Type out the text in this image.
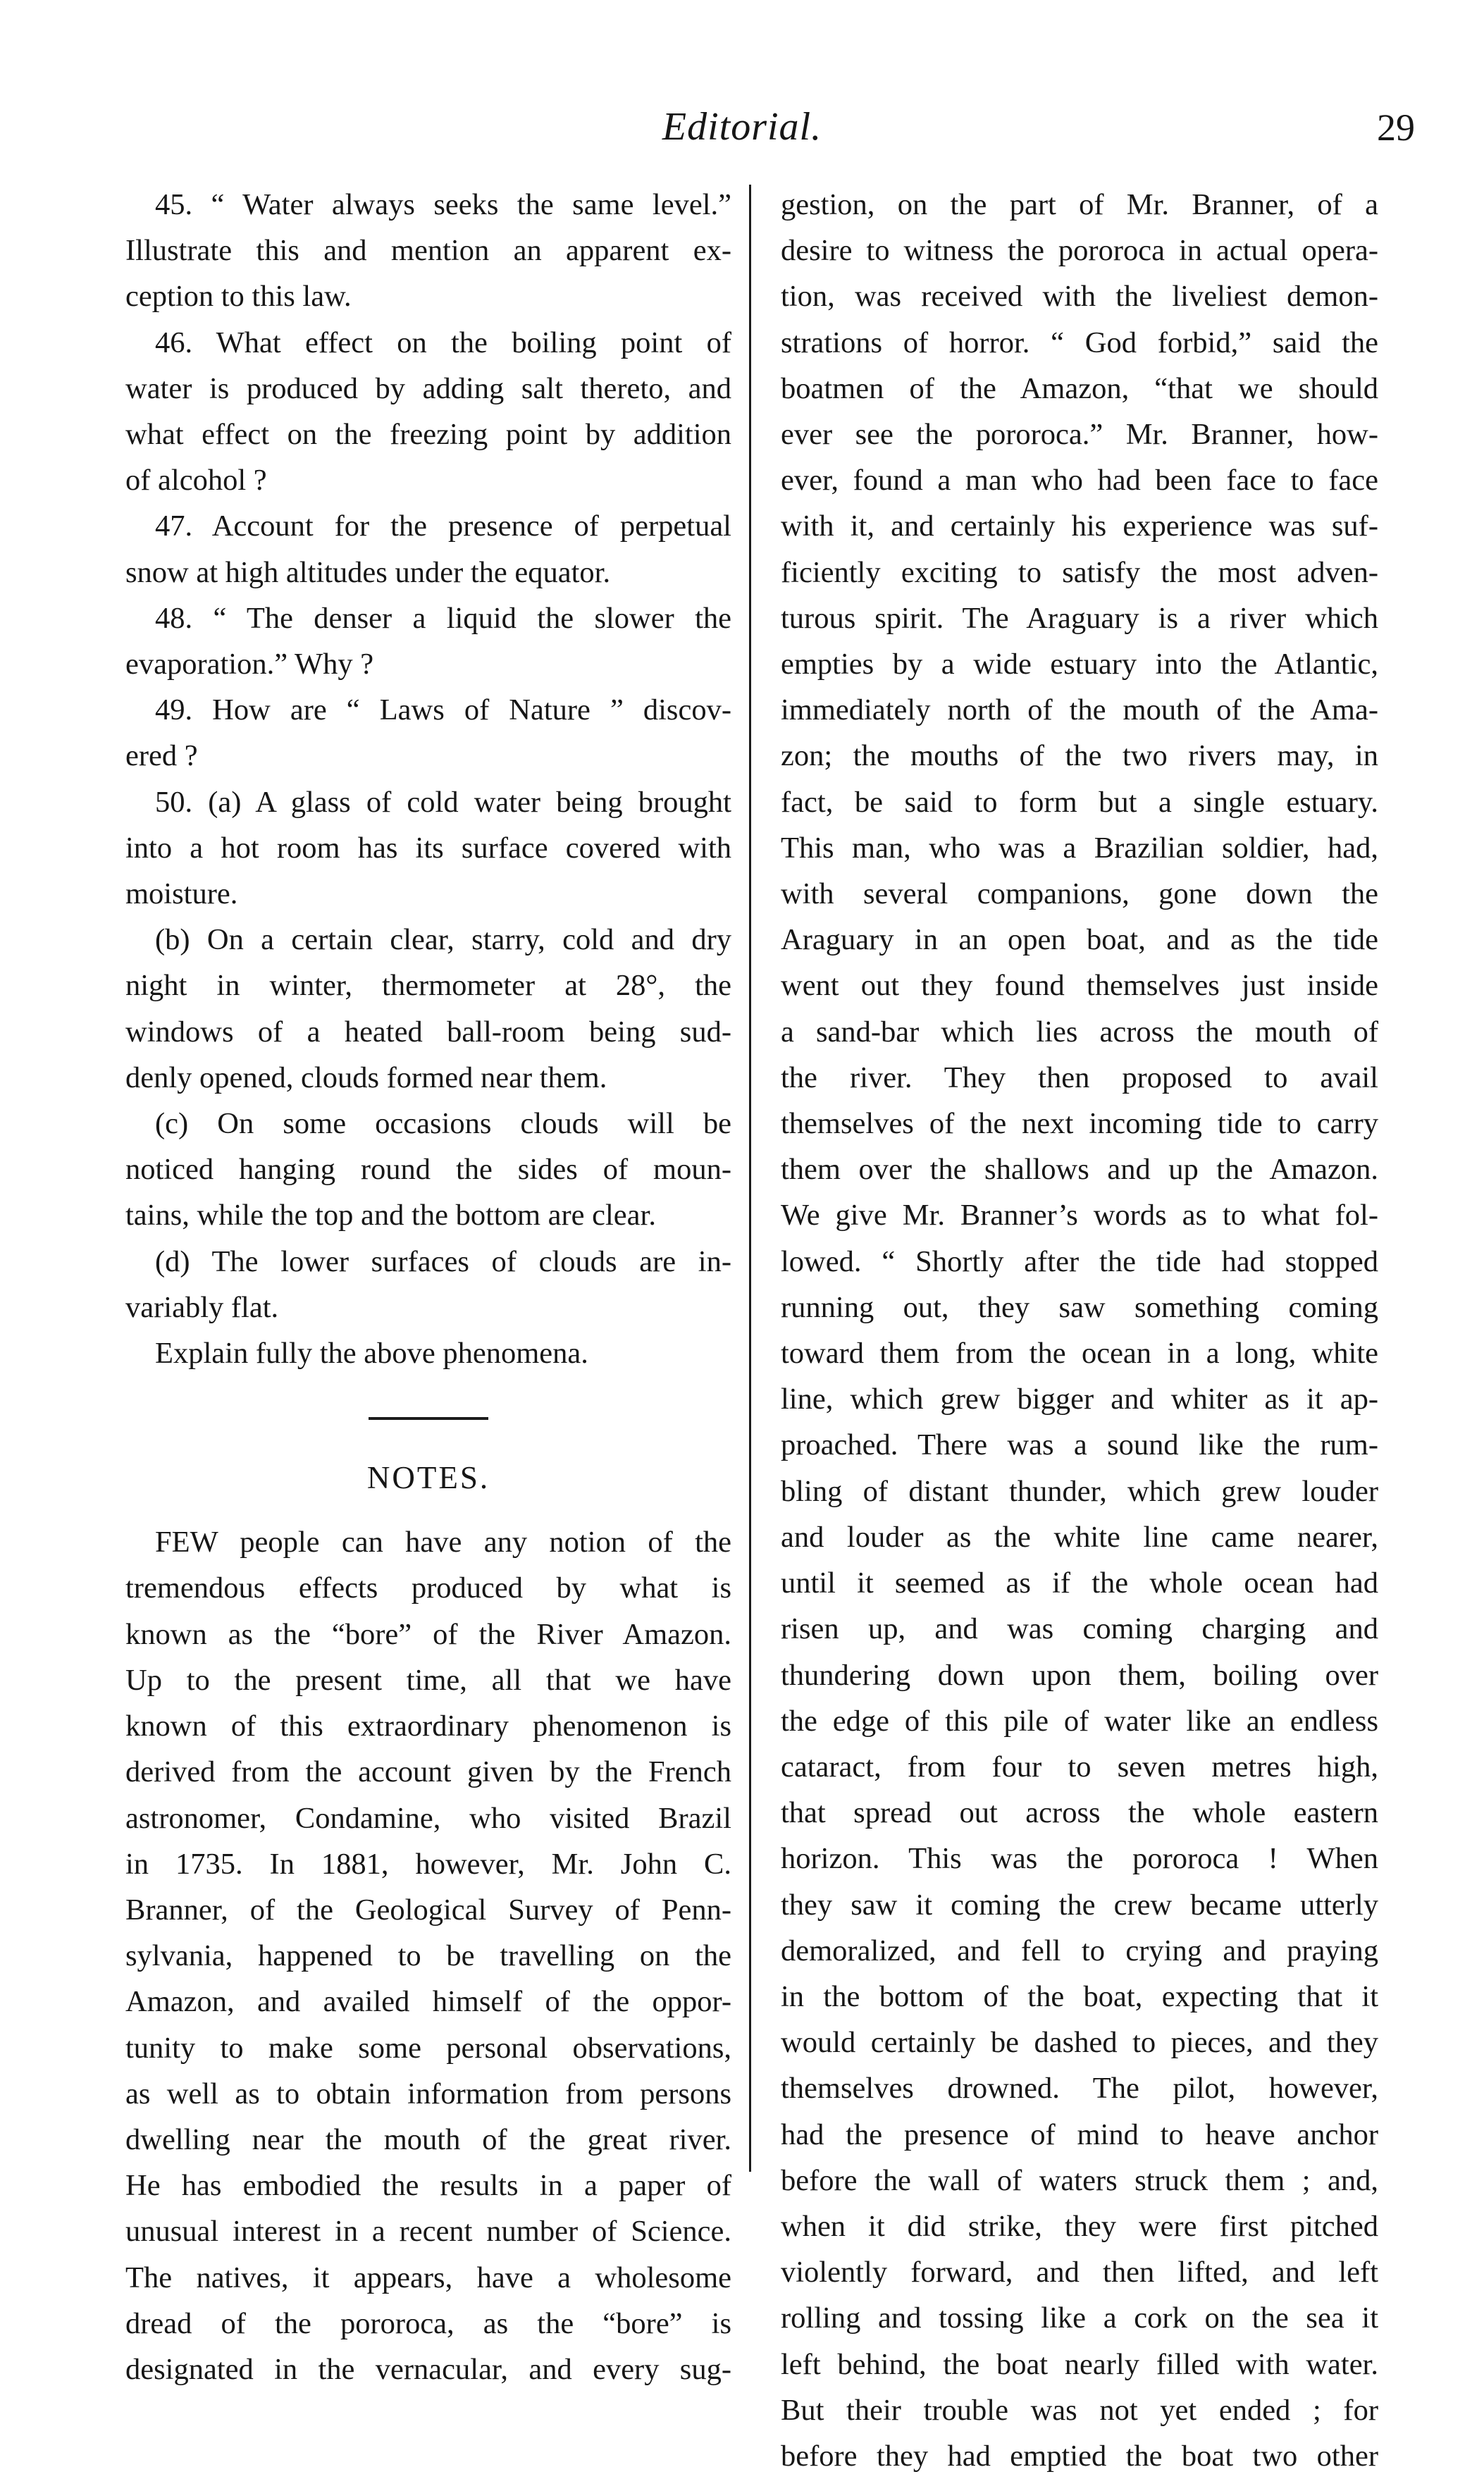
Editorial.	29
45. “ Water always seeks the same level.”
Illustrate this and mention an apparent ex-
ception to this law.
46. What effect on the boiling point of
water is produced by adding salt thereto, and
what effect on the freezing point by addition
of alcohol ?
47. Account for the presence of perpetual
snow at high altitudes under the equator.
48. “ The denser a liquid the slower the
evaporation.” Why ?
49. How are “ Laws of Nature ” discov-
ered ?
50. (a) A glass of cold water being brought
into a hot room has its surface covered with
moisture.
(b) On a certain clear, starry, cold and dry
night in winter, thermometer at 28°, the
windows of a heated ball-room being sud-
denly opened, clouds formed near them.
(c) On some occasions clouds will be
noticed hanging round the sides of moun-
tains, while the top and the bottom are clear.
(d) The lower surfaces of clouds are in-
variably flat.
Explain fully the above phenomena.
NOTES.
FEW people can have any notion of the
tremendous effects produced by what is
known as the “bore” of the River Amazon.
Up to the present time, all that we have
known of this extraordinary phenomenon is
derived from the account given by the French
astronomer, Condamine, who visited Brazil
in 1735. In 1881, however, Mr. John C.
Branner, of the Geological Survey of Penn-
sylvania, happened to be travelling on the
Amazon, and availed himself of the oppor-
tunity to make some personal observations,
as well as to obtain information from persons
dwelling near the mouth of the great river.
He has embodied the results in a paper of
unusual interest in a recent number of Science.
The natives, it appears, have a wholesome
dread of the pororoca, as the “bore” is
designated in the vernacular, and every sug-
gestion, on the part of Mr. Branner, of a
desire to witness the pororoca in actual opera-
tion, was received with the liveliest demon-
strations of horror. “ God forbid,” said the
boatmen of the Amazon, “that we should
ever see the pororoca.” Mr. Branner, how-
ever, found a man who had been face to face
with it, and certainly his experience was suf-
ficiently exciting to satisfy the most adven-
turous spirit. The Araguary is a river which
empties by a wide estuary into the Atlantic,
immediately north of the mouth of the Ama-
zon; the mouths of the two rivers may, in
fact, be said to form but a single estuary.
This man, who was a Brazilian soldier, had,
with several companions, gone down the
Araguary in an open boat, and as the tide
went out they found themselves just inside
a sand-bar which lies across the mouth of
the river. They then proposed to avail
themselves of the next incoming tide to carry
them over the shallows and up the Amazon.
We give Mr. Branner’s words as to what fol-
lowed. “ Shortly after the tide had stopped
running out, they saw something coming
toward them from the ocean in a long, white
line, which grew bigger and whiter as it ap-
proached. There was a sound like the rum-
bling of distant thunder, which grew louder
and louder as the white line came nearer,
until it seemed as if the whole ocean had
risen up, and was coming charging and
thundering down upon them, boiling over
the edge of this pile of water like an endless
cataract, from four to seven metres high,
that spread out across the whole eastern
horizon. This was the pororoca ! When
they saw it coming the crew became utterly
demoralized, and fell to crying and praying
in the bottom of the boat, expecting that it
would certainly be dashed to pieces, and they
themselves drowned. The pilot, however,
had the presence of mind to heave anchor
before the wall of waters struck them ; and,
when it did strike, they were first pitched
violently forward, and then lifted, and left
rolling and tossing like a cork on the sea it
left behind, the boat nearly filled with water.
But their trouble was not yet ended ; for
before they had emptied the boat two other
